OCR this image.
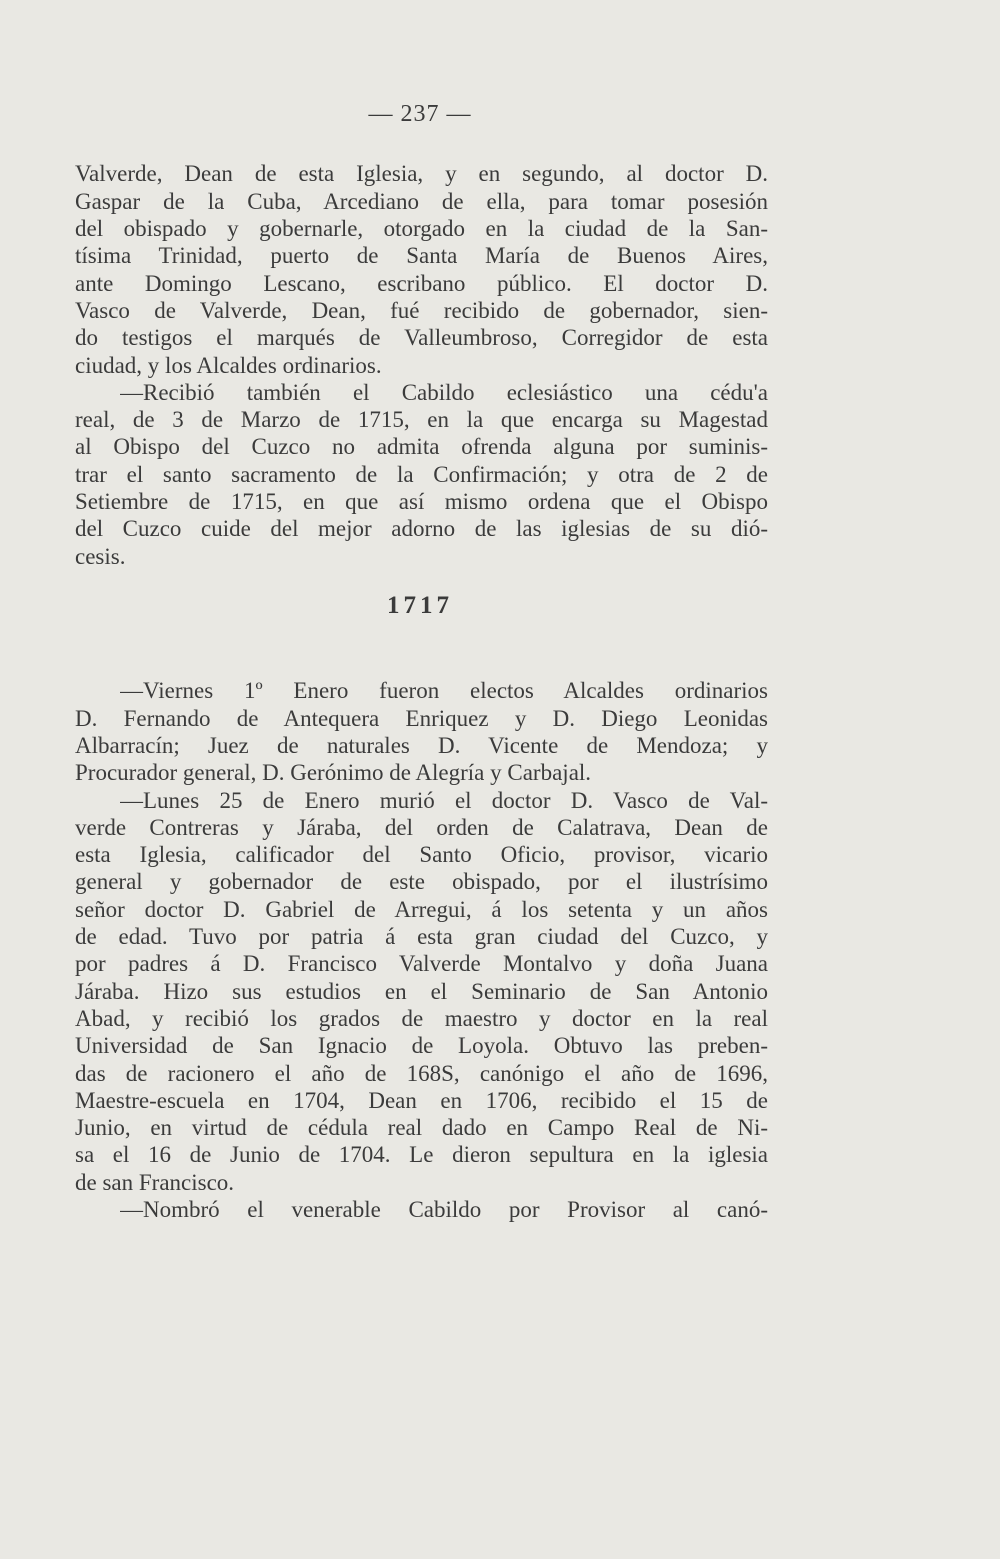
— 237 —
Valverde, Dean de esta Iglesia, y en segundo, al doctor D.
Gaspar de la Cuba, Arcediano de ella, para tomar posesión
del obispado y gobernarle, otorgado en la ciudad de la San-
tísima Trinidad, puerto de Santa María de Buenos Aires,
ante Domingo Lescano, escribano público. El doctor D.
Vasco de Valverde, Dean, fué recibido de gobernador, sien-
do testigos el marqués de Valleumbroso, Corregidor de esta
ciudad, y los Alcaldes ordinarios.
—Recibió también el Cabildo eclesiástico una cédu'a
real, de 3 de Marzo de 1715, en la que encarga su Magestad
al Obispo del Cuzco no admita ofrenda alguna por suminis-
trar el santo sacramento de la Confirmación; y otra de 2 de
Setiembre de 1715, en que así mismo ordena que el Obispo
del Cuzco cuide del mejor adorno de las iglesias de su dió-
cesis.
1717
—Viernes 1º Enero fueron electos Alcaldes ordinarios
D. Fernando de Antequera Enriquez y D. Diego Leonidas
Albarracín; Juez de naturales D. Vicente de Mendoza; y
Procurador general, D. Gerónimo de Alegría y Carbajal.
—Lunes 25 de Enero murió el doctor D. Vasco de Val-
verde Contreras y Járaba, del orden de Calatrava, Dean de
esta Iglesia, calificador del Santo Oficio, provisor, vicario
general y gobernador de este obispado, por el ilustrísimo
señor doctor D. Gabriel de Arregui, á los setenta y un años
de edad. Tuvo por patria á esta gran ciudad del Cuzco, y
por padres á D. Francisco Valverde Montalvo y doña Juana
Járaba. Hizo sus estudios en el Seminario de San Antonio
Abad, y recibió los grados de maestro y doctor en la real
Universidad de San Ignacio de Loyola. Obtuvo las preben-
das de racionero el año de 168S, canónigo el año de 1696,
Maestre-escuela en 1704, Dean en 1706, recibido el 15 de
Junio, en virtud de cédula real dado en Campo Real de Ni-
sa el 16 de Junio de 1704. Le dieron sepultura en la iglesia
de san Francisco.
—Nombró el venerable Cabildo por Provisor al canó-
